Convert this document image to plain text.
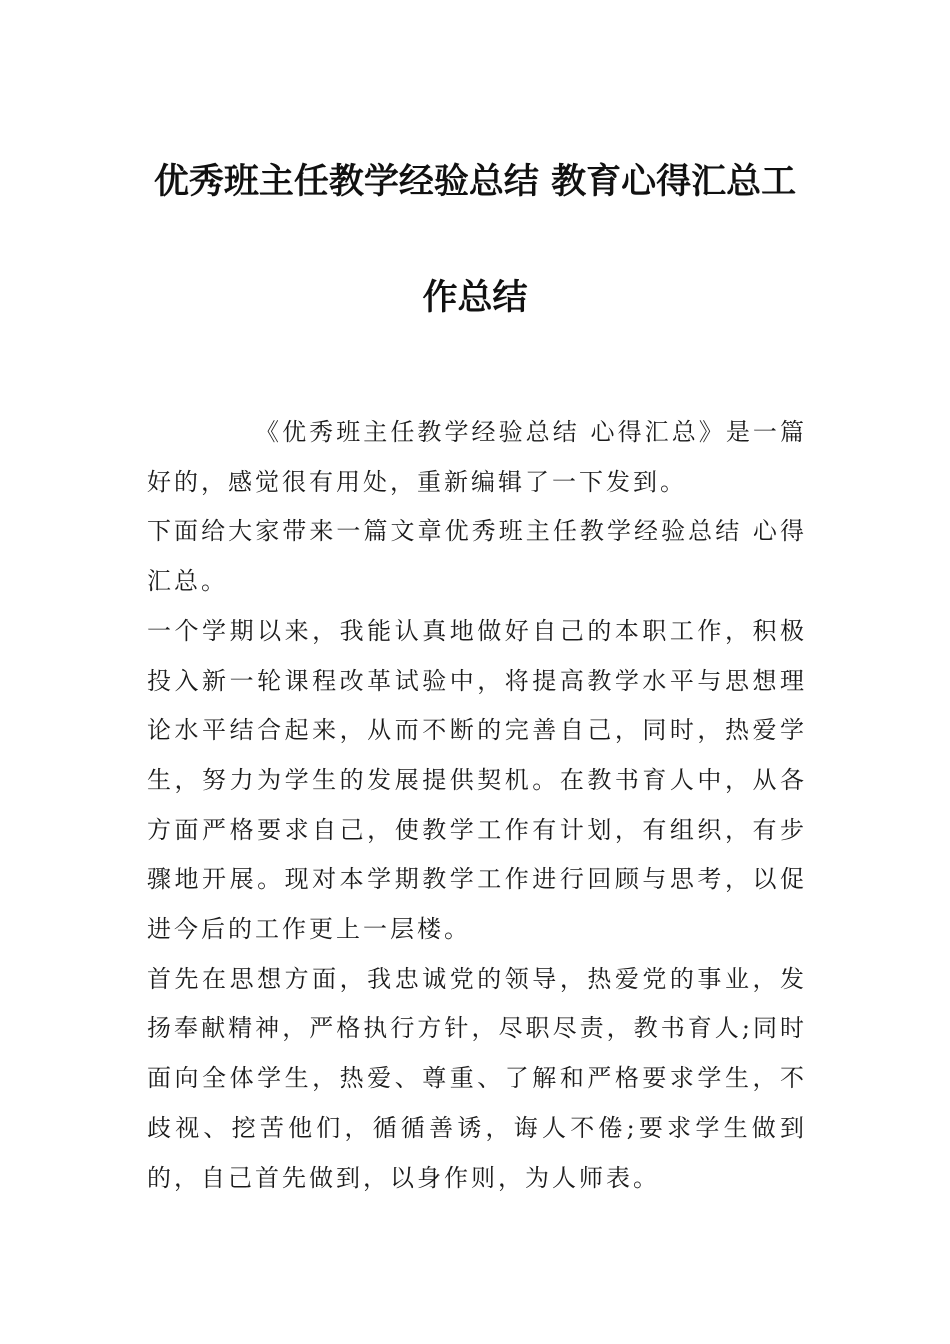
优秀班主任教学经验总结 教育心得汇总工
作总结

《优秀班主任教学经验总结 心得汇总》是一篇好的，感觉很有用处，重新编辑了一下发到。

下面给大家带来一篇文章优秀班主任教学经验总结 心得汇总。

一个学期以来，我能认真地做好自己的本职工作，积极投入新一轮课程改革试验中，将提高教学水平与思想理论水平结合起来，从而不断的完善自己，同时，热爱学生，努力为学生的发展提供契机。在教书育人中，从各方面严格要求自己，使教学工作有计划，有组织，有步骤地开展。现对本学期教学工作进行回顾与思考，以促进今后的工作更上一层楼。

首先在思想方面，我忠诚党的领导，热爱党的事业，发扬奉献精神，严格执行方针，尽职尽责，教书育人;同时面向全体学生，热爱、尊重、了解和严格要求学生，不歧视、挖苦他们，循循善诱，诲人不倦;要求学生做到的，自己首先做到，以身作则，为人师表。
